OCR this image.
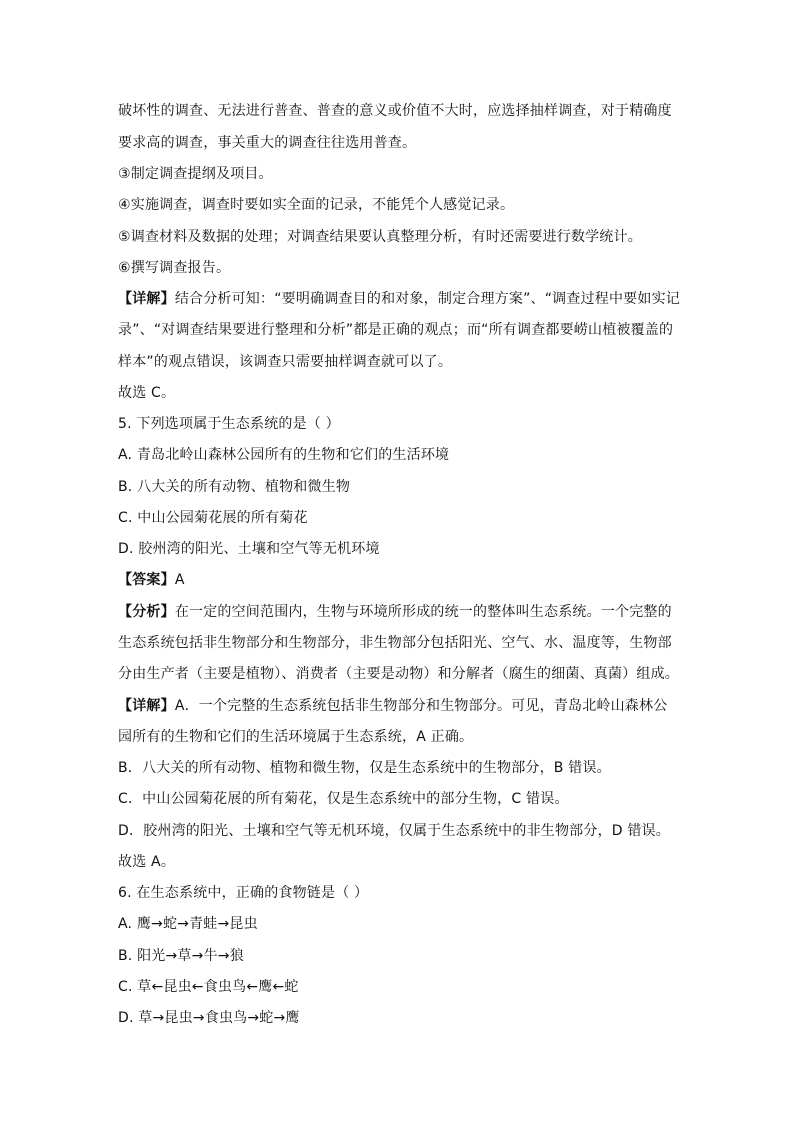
破坏性的调查、无法进行普查、普查的意义或价值不大时，应选择抽样调查，对于精确度
要求高的调查，事关重大的调查往往选用普查。
③制定调查提纲及项目。
④实施调查，调查时要如实全面的记录，不能凭个人感觉记录。
⑤调查材料及数据的处理；对调查结果要认真整理分析，有时还需要进行数学统计。
⑥撰写调查报告。
【详解】结合分析可知：“要明确调查目的和对象，制定合理方案”、“调查过程中要如实记
录”、“对调查结果要进行整理和分析”都是正确的观点；而“所有调查都要崂山植被覆盖的
样本”的观点错误，该调查只需要抽样调查就可以了。
故选 C。
5. 下列选项属于生态系统的是（ ）
A. 青岛北岭山森林公园所有的生物和它们的生活环境
B. 八大关的所有动物、植物和微生物
C. 中山公园菊花展的所有菊花
D. 胶州湾的阳光、土壤和空气等无机环境
【答案】A
【分析】在一定的空间范围内，生物与环境所形成的统一的整体叫生态系统。一个完整的
生态系统包括非生物部分和生物部分，非生物部分包括阳光、空气、水、温度等，生物部
分由生产者（主要是植物）、消费者（主要是动物）和分解者（腐生的细菌、真菌）组成。
【详解】A．一个完整的生态系统包括非生物部分和生物部分。可见，青岛北岭山森林公
园所有的生物和它们的生活环境属于生态系统，A 正确。
B．八大关的所有动物、植物和微生物，仅是生态系统中的生物部分，B 错误。
C．中山公园菊花展的所有菊花，仅是生态系统中的部分生物，C 错误。
D．胶州湾的阳光、土壤和空气等无机环境，仅属于生态系统中的非生物部分，D 错误。
故选 A。
6. 在生态系统中，正确的食物链是（ ）
A. 鹰→蛇→青蛙→昆虫
B. 阳光→草→牛→狼
C. 草←昆虫←食虫鸟←鹰←蛇
D. 草→昆虫→食虫鸟→蛇→鹰
